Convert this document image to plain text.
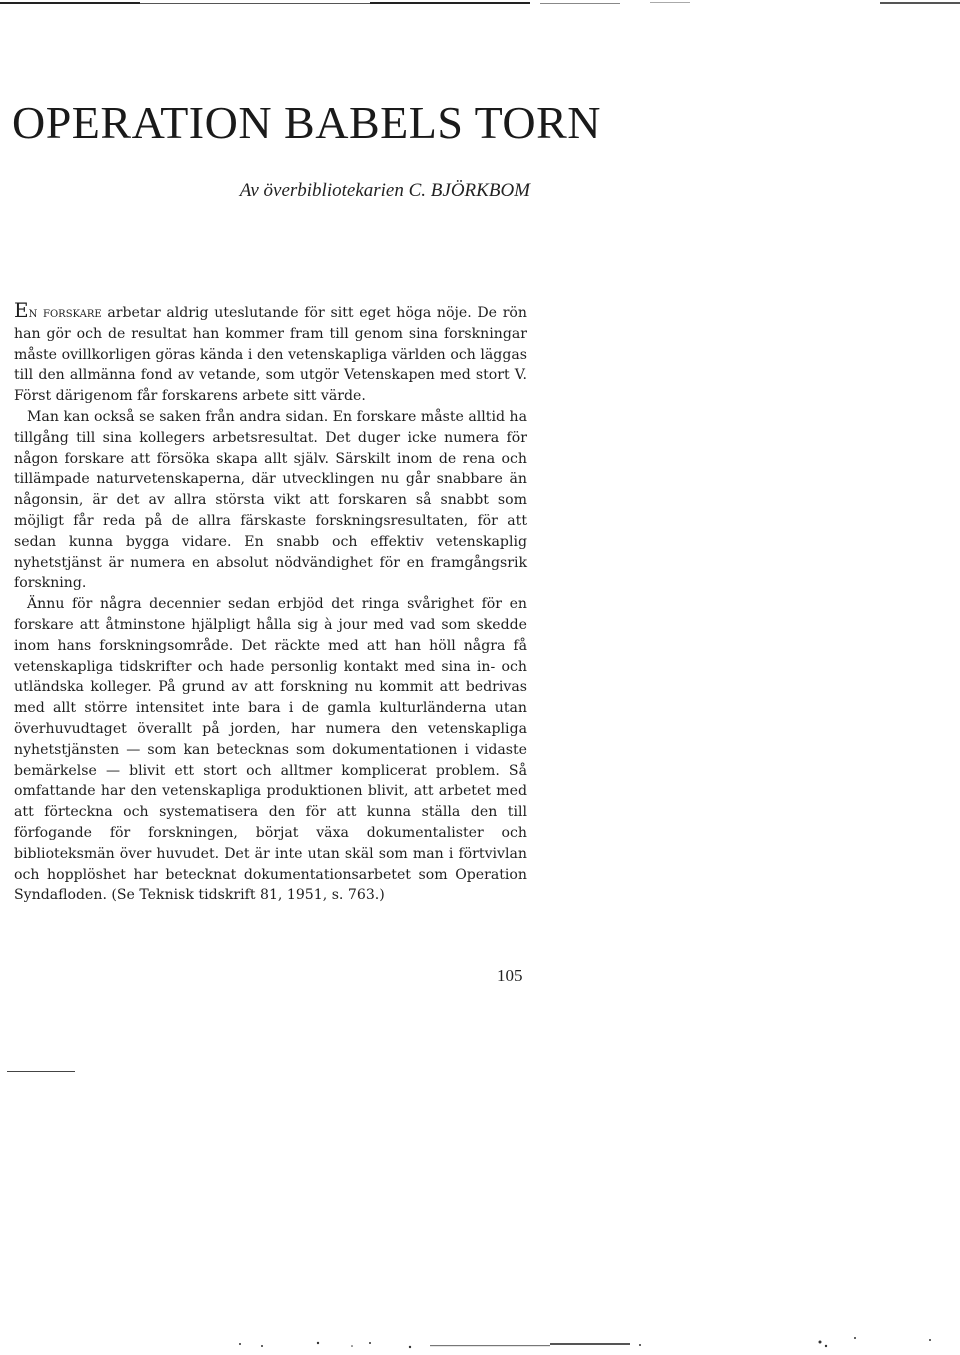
OPERATION BABELS TORN

Av överbibliotekarien C. BJÖRKBOM

En forskare arbetar aldrig uteslutande för sitt eget höga nöje. De rön han gör och de resultat han kommer fram till genom sina forskningar måste ovillkorligen göras kända i den vetenskapliga världen och läggas till den allmänna fond av vetande, som utgör Vetenskapen med stort V. Först därigenom får forskarens arbete sitt värde.

Man kan också se saken från andra sidan. En forskare måste alltid ha tillgång till sina kollegers arbetsresultat. Det duger icke numera för någon forskare att försöka skapa allt själv. Särskilt inom de rena och tillämpade naturvetenskaperna, där utvecklingen nu går snabbare än någonsin, är det av allra största vikt att forskaren så snabbt som möjligt får reda på de allra färskaste forskningsresultaten, för att sedan kunna bygga vidare. En snabb och effektiv vetenskaplig nyhetstjänst är numera en absolut nödvändighet för en framgångsrik forskning.

Ännu för några decennier sedan erbjöd det ringa svårighet för en forskare att åtminstone hjälpligt hålla sig à jour med vad som skedde inom hans forskningsområde. Det räckte med att han höll några få vetenskapliga tidskrifter och hade personlig kontakt med sina in- och utländska kolleger. På grund av att forskning nu kommit att bedrivas med allt större intensitet inte bara i de gamla kulturländerna utan överhuvudtaget överallt på jorden, har numera den vetenskapliga nyhetstjänsten — som kan betecknas som dokumentationen i vidaste bemärkelse — blivit ett stort och alltmer komplicerat problem. Så omfattande har den vetenskapliga produktionen blivit, att arbetet med att förteckna och systematisera den för att kunna ställa den till förfogande för forskningen, börjat växa dokumentalister och biblioteksmän över huvudet. Det är inte utan skäl som man i förtvivlan och hopplöshet har betecknat dokumentationsarbetet som Operation Syndafloden. (Se Teknisk tidskrift 81, 1951, s. 763.)

105
